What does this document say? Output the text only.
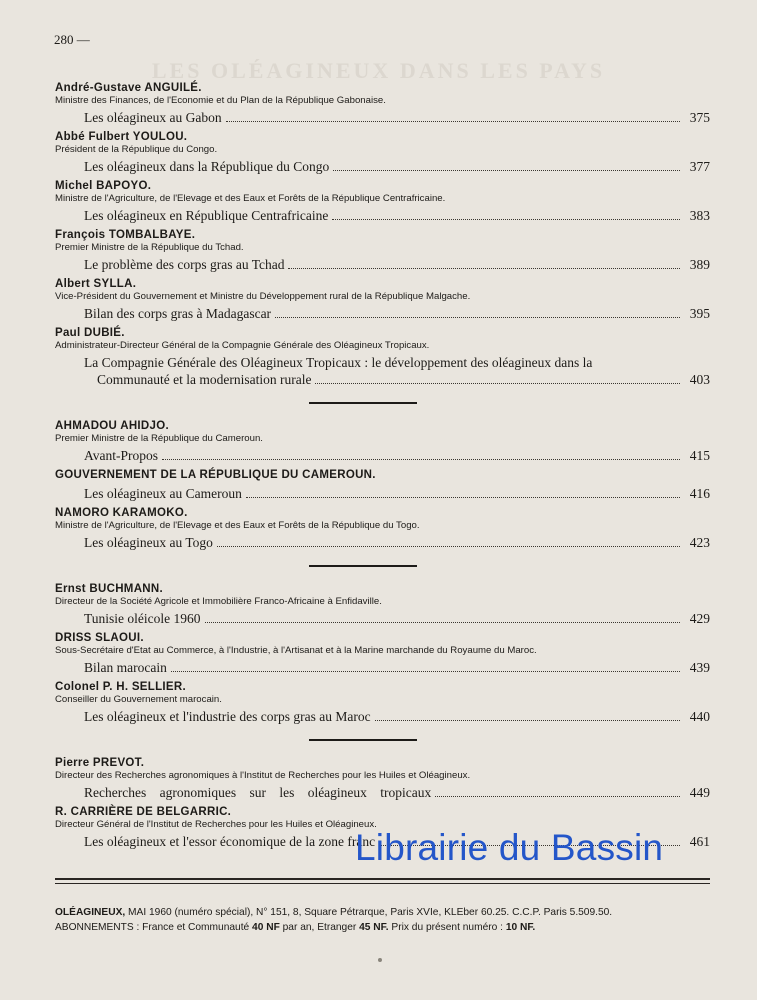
280 —
LES OLÉAGINEUX DANS LES PAYS
André-Gustave ANGUILÉ.
Ministre des Finances, de l'Economie et du Plan de la République Gabonaise.
Les oléagineux au Gabon	375
Abbé Fulbert YOULOU.
Président de la République du Congo.
Les oléagineux dans la République du Congo	377
Michel BAPOYO.
Ministre de l'Agriculture, de l'Elevage et des Eaux et Forêts de la République Centrafricaine.
Les oléagineux en République Centrafricaine	383
François TOMBALBAYE.
Premier Ministre de la République du Tchad.
Le problème des corps gras au Tchad	389
Albert SYLLA.
Vice-Président du Gouvernement et Ministre du Développement rural de la République Malgache.
Bilan des corps gras à Madagascar	395
Paul DUBIÉ.
Administrateur-Directeur Général de la Compagnie Générale des Oléagineux Tropicaux.
La Compagnie Générale des Oléagineux Tropicaux : le développement des oléagineux dans la
Communauté et la modernisation rurale	403
AHMADOU AHIDJO.
Premier Ministre de la République du Cameroun.
Avant-Propos	415
GOUVERNEMENT DE LA RÉPUBLIQUE DU CAMEROUN.
Les oléagineux au Cameroun	416
NAMORO KARAMOKO.
Ministre de l'Agriculture, de l'Elevage et des Eaux et Forêts de la République du Togo.
Les oléagineux au Togo	423
Ernst BUCHMANN.
Directeur de la Société Agricole et Immobilière Franco-Africaine à Enfidaville.
Tunisie oléicole 1960	429
DRISS SLAOUI.
Sous-Secrétaire d'Etat au Commerce, à l'Industrie, à l'Artisanat et à la Marine marchande du Royaume du Maroc.
Bilan marocain	439
Colonel P. H. SELLIER.
Conseiller du Gouvernement marocain.
Les oléagineux et l'industrie des corps gras au Maroc	440
Pierre PREVOT.
Directeur des Recherches agronomiques à l'Institut de Recherches pour les Huiles et Oléagineux.
Recherches agronomiques sur les oléagineux tropicaux	449
R. CARRIÈRE DE BELGARRIC.
Directeur Général de l'Institut de Recherches pour les Huiles et Oléagineux.
Les oléagineux et l'essor économique de la zone franc	461
OLÉAGINEUX, MAI 1960 (numéro spécial), N° 151, 8, Square Pétrarque, Paris XVIe, KLEber 60.25. C.C.P. Paris 5.509.50.
ABONNEMENTS : France et Communauté 40 NF par an, Etranger 45 NF. Prix du présent numéro : 10 NF.
Librairie du Bassin
